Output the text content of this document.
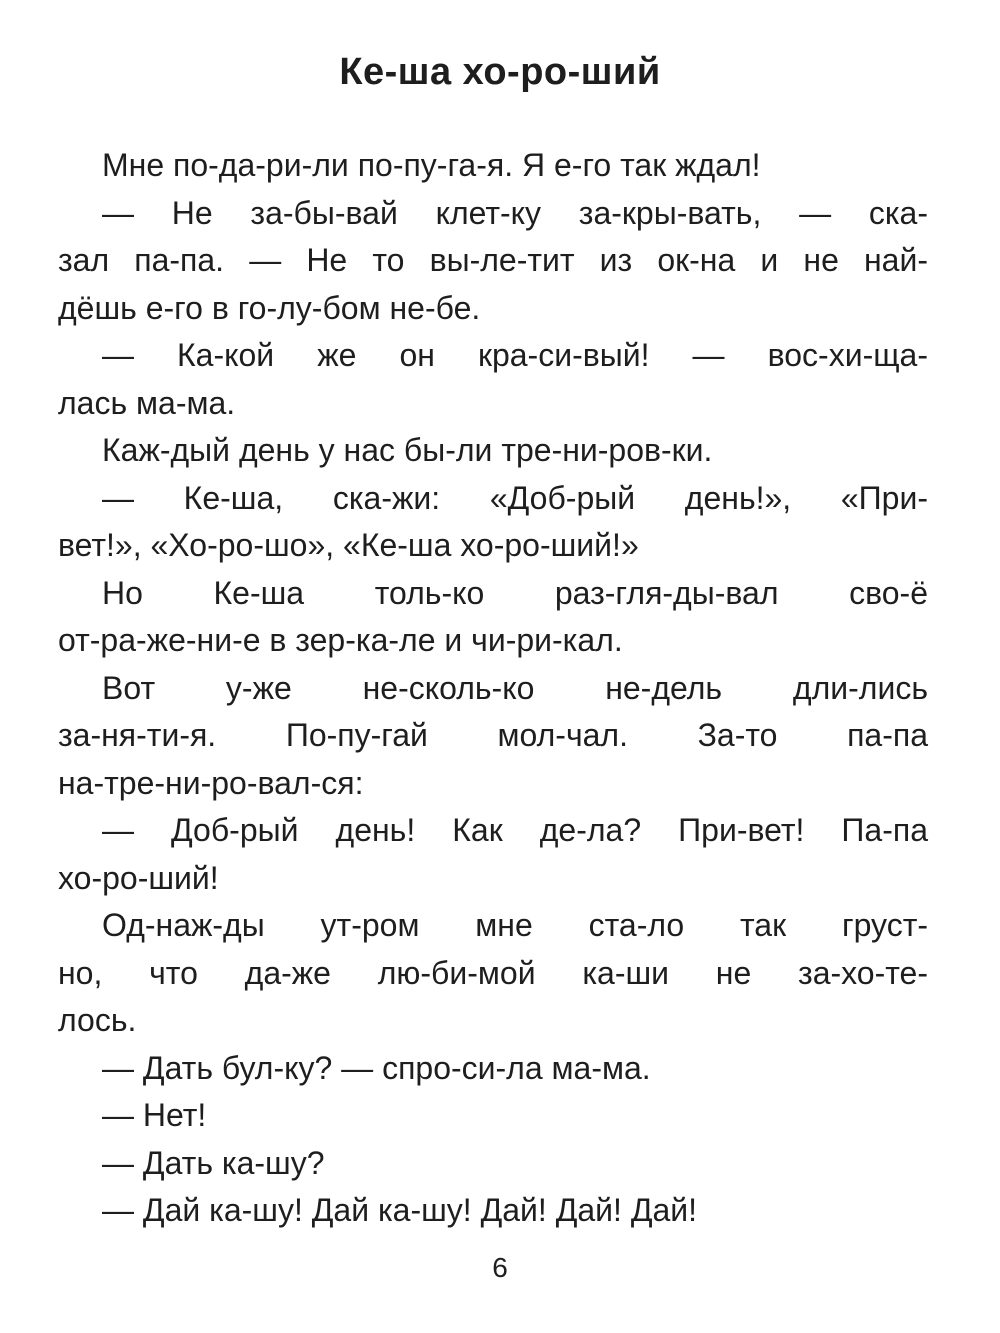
Ке-ша хо-ро-ший
Мне по-да-ри-ли по-пу-га-я. Я е-го так ждал!
— Не за-бы-вай клет-ку за-кры-вать, — ска-
зал па-па. — Не то вы-ле-тит из ок-на и не най-
дёшь е-го в го-лу-бом не-бе.
— Ка-кой же он кра-си-вый! — вос-хи-ща-
лась ма-ма.
Каж-дый день у нас бы-ли тре-ни-ров-ки.
— Ке-ша, ска-жи: «Доб-рый день!», «При-
вет!», «Хо-ро-шо», «Ке-ша хо-ро-ший!»
Но Ке-ша толь-ко раз-гля-ды-вал сво-ё
от-ра-же-ни-е в зер-ка-ле и чи-ри-кал.
Вот у-же не-сколь-ко не-дель дли-лись
за-ня-ти-я. По-пу-гай мол-чал. За-то па-па
на-тре-ни-ро-вал-ся:
— Доб-рый день! Как де-ла? При-вет! Па-па
хо-ро-ший!
Од-наж-ды ут-ром мне ста-ло так груст-
но, что да-же лю-би-мой ка-ши не за-хо-те-
лось.
— Дать бул-ку? — спро-си-ла ма-ма.
— Нет!
— Дать ка-шу?
— Дай ка-шу! Дай ка-шу! Дай! Дай! Дай!
6
